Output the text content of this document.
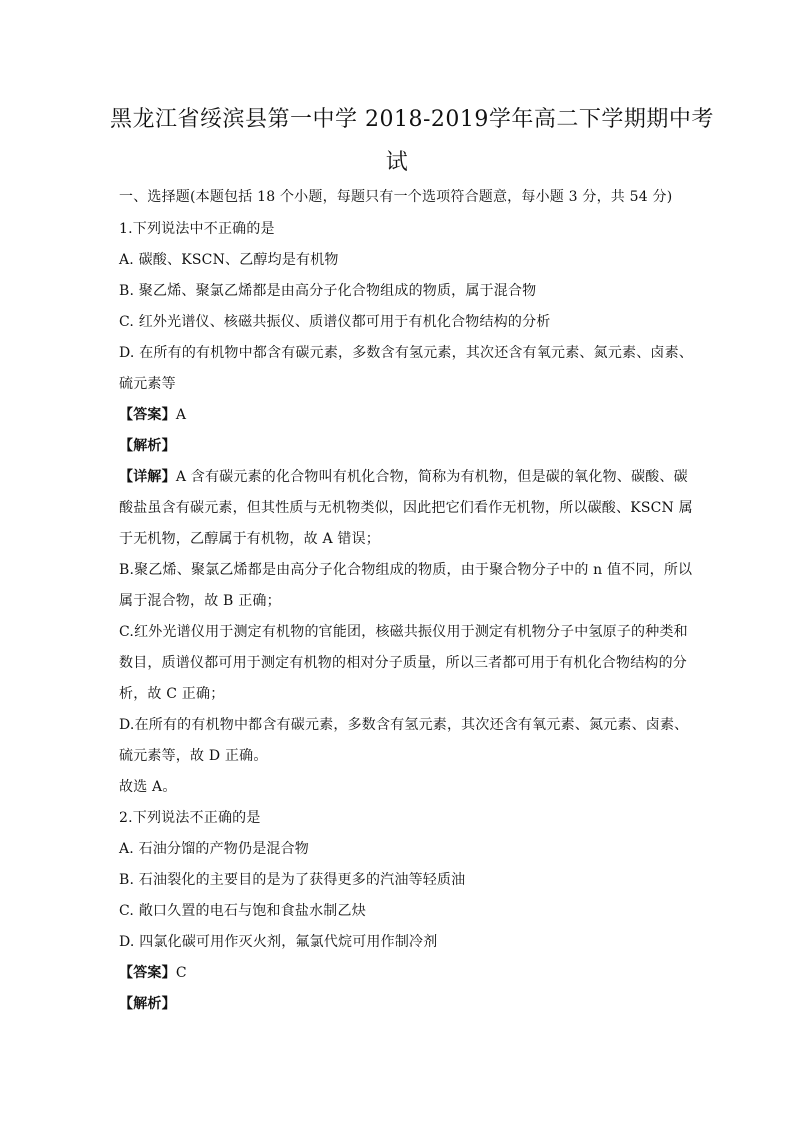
黑龙江省绥滨县第一中学 2018-2019学年高二下学期期中考
试
一、选择题(本题包括 18 个小题，每题只有一个选项符合题意，每小题 3 分，共 54 分)
1.下列说法中不正确的是
A. 碳酸、KSCN、乙醇均是有机物
B. 聚乙烯、聚氯乙烯都是由高分子化合物组成的物质，属于混合物
C. 红外光谱仪、核磁共振仪、质谱仪都可用于有机化合物结构的分析
D. 在所有的有机物中都含有碳元素，多数含有氢元素，其次还含有氧元素、氮元素、卤素、
硫元素等
【答案】A
【解析】
【详解】A 含有碳元素的化合物叫有机化合物，简称为有机物，但是碳的氧化物、碳酸、碳
酸盐虽含有碳元素，但其性质与无机物类似，因此把它们看作无机物，所以碳酸、KSCN 属
于无机物，乙醇属于有机物，故 A 错误；
B.聚乙烯、聚氯乙烯都是由高分子化合物组成的物质，由于聚合物分子中的 n 值不同，所以
属于混合物，故 B 正确；
C.红外光谱仪用于测定有机物的官能团，核磁共振仪用于测定有机物分子中氢原子的种类和
数目，质谱仪都可用于测定有机物的相对分子质量，所以三者都可用于有机化合物结构的分
析，故 C 正确；
D.在所有的有机物中都含有碳元素，多数含有氢元素，其次还含有氧元素、氮元素、卤素、
硫元素等，故 D 正确。
故选 A。
2.下列说法不正确的是
A. 石油分馏的产物仍是混合物
B. 石油裂化的主要目的是为了获得更多的汽油等轻质油
C. 敞口久置的电石与饱和食盐水制乙炔
D. 四氯化碳可用作灭火剂，氟氯代烷可用作制冷剂
【答案】C
【解析】
